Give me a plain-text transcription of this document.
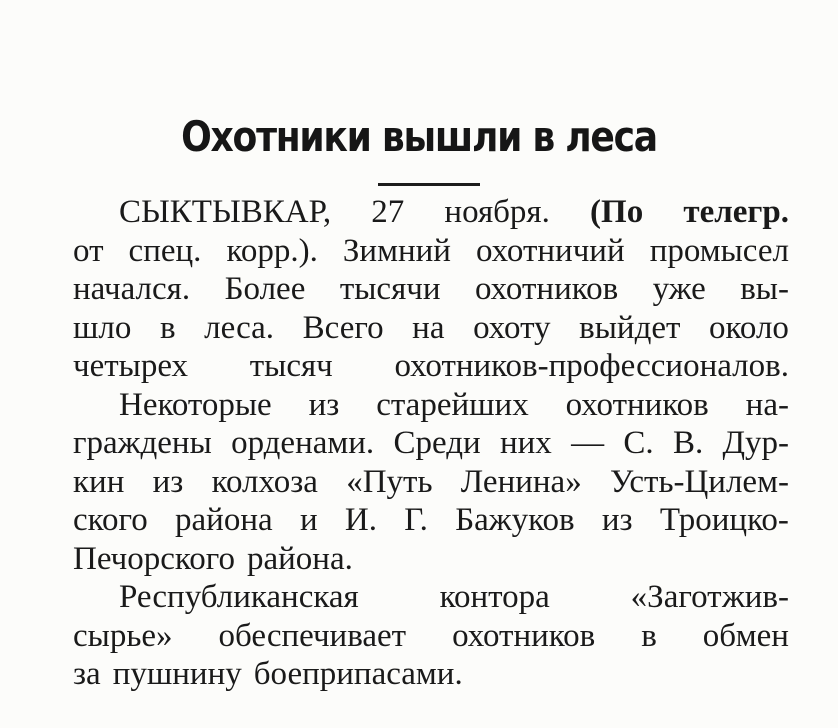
Охотники вышли в леса
СЫКТЫВКАР, 27 ноября. (По телегр.
от спец. корр.). Зимний охотничий промысел
начался. Более тысячи охотников уже вы-
шло в леса. Всего на охоту выйдет около
четырех тысяч охотников-профессионалов.
Некоторые из старейших охотников на-
граждены орденами. Среди них — С. В. Дур-
кин из колхоза «Путь Ленина» Усть-Цилем-
ского района и И. Г. Бажуков из Троицко-
Печорского района.
Республиканская контора «Заготжив-
сырье» обеспечивает охотников в обмен
за пушнину боеприпасами.
